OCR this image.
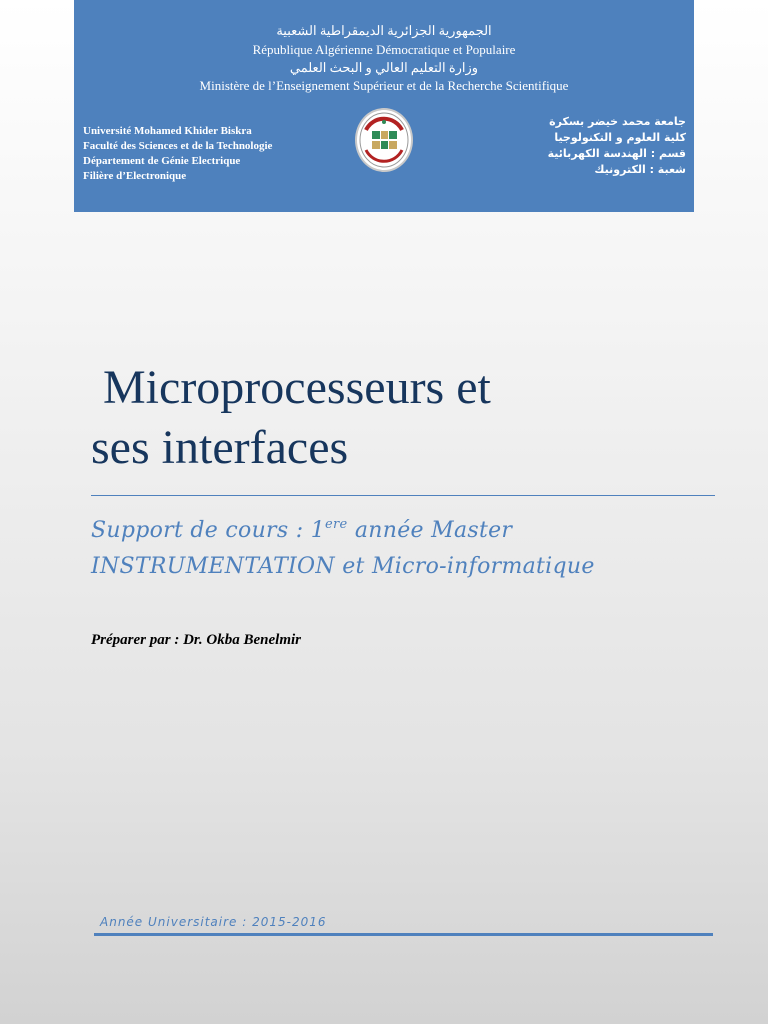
الجمهورية الجزائرية الديمقراطية الشعبية
République Algérienne Démocratique et Populaire
وزارة التعليم العالي و البحث العلمي
Ministère de l’Enseignement Supérieur et de la Recherche Scientifique
Université Mohamed Khider Biskra
Faculté des Sciences et de la Technologie
Département de Génie Electrique
Filière d’Electronique
جامعة محمد خيضر بسكرة
كلية العلوم و التكنولوجيا
قسم : الهندسة الكهربائية
شعبة : الكترونيك
Microprocesseurs et
ses interfaces
Support de cours : 1ere année Master
INSTRUMENTATION et Micro-informatique
Préparer par : Dr. Okba Benelmir
Année Universitaire : 2015-2016
